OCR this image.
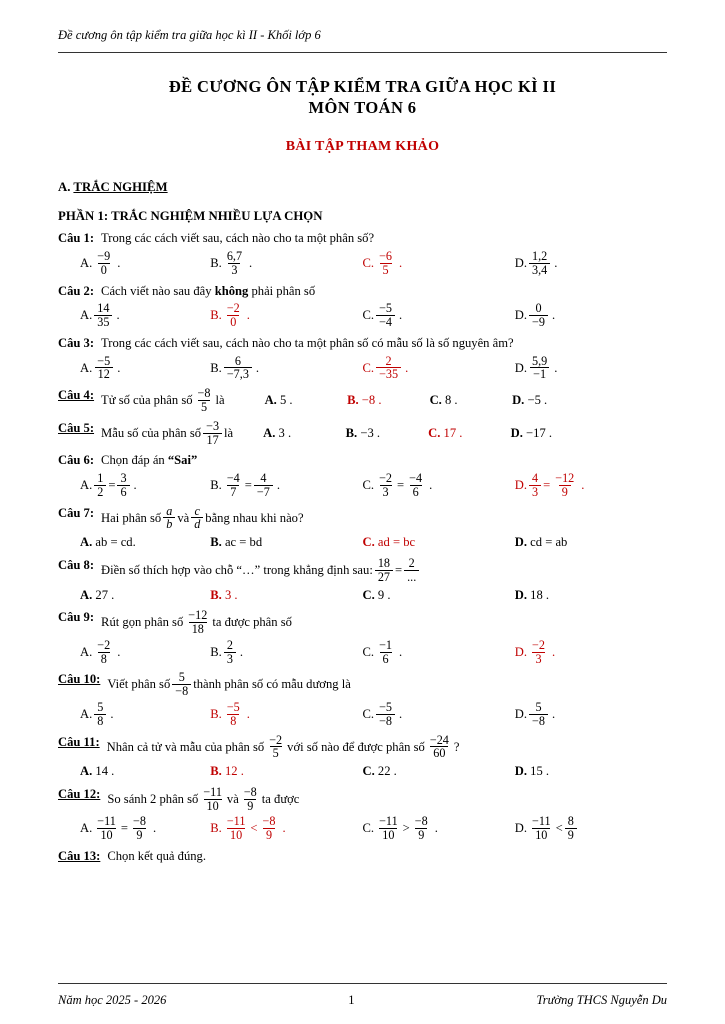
Đề cương ôn tập kiểm tra giữa học kì II - Khối lớp 6
ĐỀ CƯƠNG ÔN TẬP KIỂM TRA GIỮA HỌC KÌ II
MÔN TOÁN 6
BÀI TẬP THAM KHẢO
A. TRẮC NGHIỆM
PHẦN 1: TRẮC NGHIỆM NHIỀU LỰA CHỌN
Câu 1: Trong các cách viết sau, cách nào cho ta một phân số?
A. $\frac{-9}{0}$ .	B. $\frac{6,7}{3}$ .	C. $\frac{-6}{5}$ .	D. $\frac{1,2}{3,4}$ .
Câu 2: Cách viết nào sau đây không phải phân số
A. $\frac{14}{35}$ .	B. $\frac{-2}{0}$ .	C. $\frac{-5}{-4}$ .	D. $\frac{0}{-9}$ .
Câu 3: Trong các cách viết sau, cách nào cho ta một phân số có mẫu số là số nguyên âm?
A. $\frac{-5}{12}$ .	B. $\frac{6}{-7,3}$ .	C. $\frac{2}{-35}$ .	D. $\frac{5,9}{-1}$ .
Câu 4: Tử số của phân số $\frac{-8}{5}$ là	A. 5 .	B. −8 .	C. 8 .	D. −5 .
Câu 5: Mẫu số của phân số $\frac{-3}{17}$ là A. 3 .	B. −3 .	C. 17 .	D. −17 .
Câu 6: Chọn đáp án “Sai”
A. $\frac{1}{2} = \frac{3}{6}$ .	B. $\frac{-4}{7} = \frac{4}{-7}$ .	C. $\frac{-2}{3} = \frac{-4}{6}$ .	D. $\frac{4}{3} = \frac{-12}{9}$ .
Câu 7: Hai phân số $\frac{a}{b}$ và $\frac{c}{d}$ bằng nhau khi nào?
A.
ab = cd.	B.
ac = bd	C.
ad = bc	D.
cd = ab
Câu 8: Điền số thích hợp vào chỗ “…” trong khẳng định sau: $\frac{18}{27} = \frac{2}{...}$
A.
27 .	B.
3 .	C.
9 .	D.
18 .
Câu 9: Rút gọn phân số $\frac{-12}{18}$ ta được phân số
A. $\frac{-2}{8}$ .	B. $\frac{2}{3}$ .	C. $\frac{-1}{6}$ .	D. $\frac{-2}{3}$ .
Câu 10: Viết phân số $\frac{5}{-8}$ thành phân số có mẫu dương là
A. $\frac{5}{8}$ .	B. $\frac{-5}{8}$ .	C. $\frac{-5}{-8}$ .	D. $\frac{5}{-8}$ .
Câu 11: Nhân cả tử và mẫu của phân số $\frac{-2}{5}$ với số nào để được phân số $\frac{-24}{60}$ ?
A.
14 .	B.
12 .	C.
22 .	D.
15 .
Câu 12: So sánh 2 phân số $\frac{-11}{10}$ và $\frac{-8}{9}$ ta được
A. $\frac{-11}{10} = \frac{-8}{9}$ .	B. $\frac{-11}{10} < \frac{-8}{9}$ .	C. $\frac{-11}{10} > \frac{-8}{9}$ .	D. $\frac{-11}{10} < \frac{8}{9}$
Câu 13: Chọn kết quả đúng.
Năm học 2025 - 2026	1	Trường THCS Nguyễn Du
